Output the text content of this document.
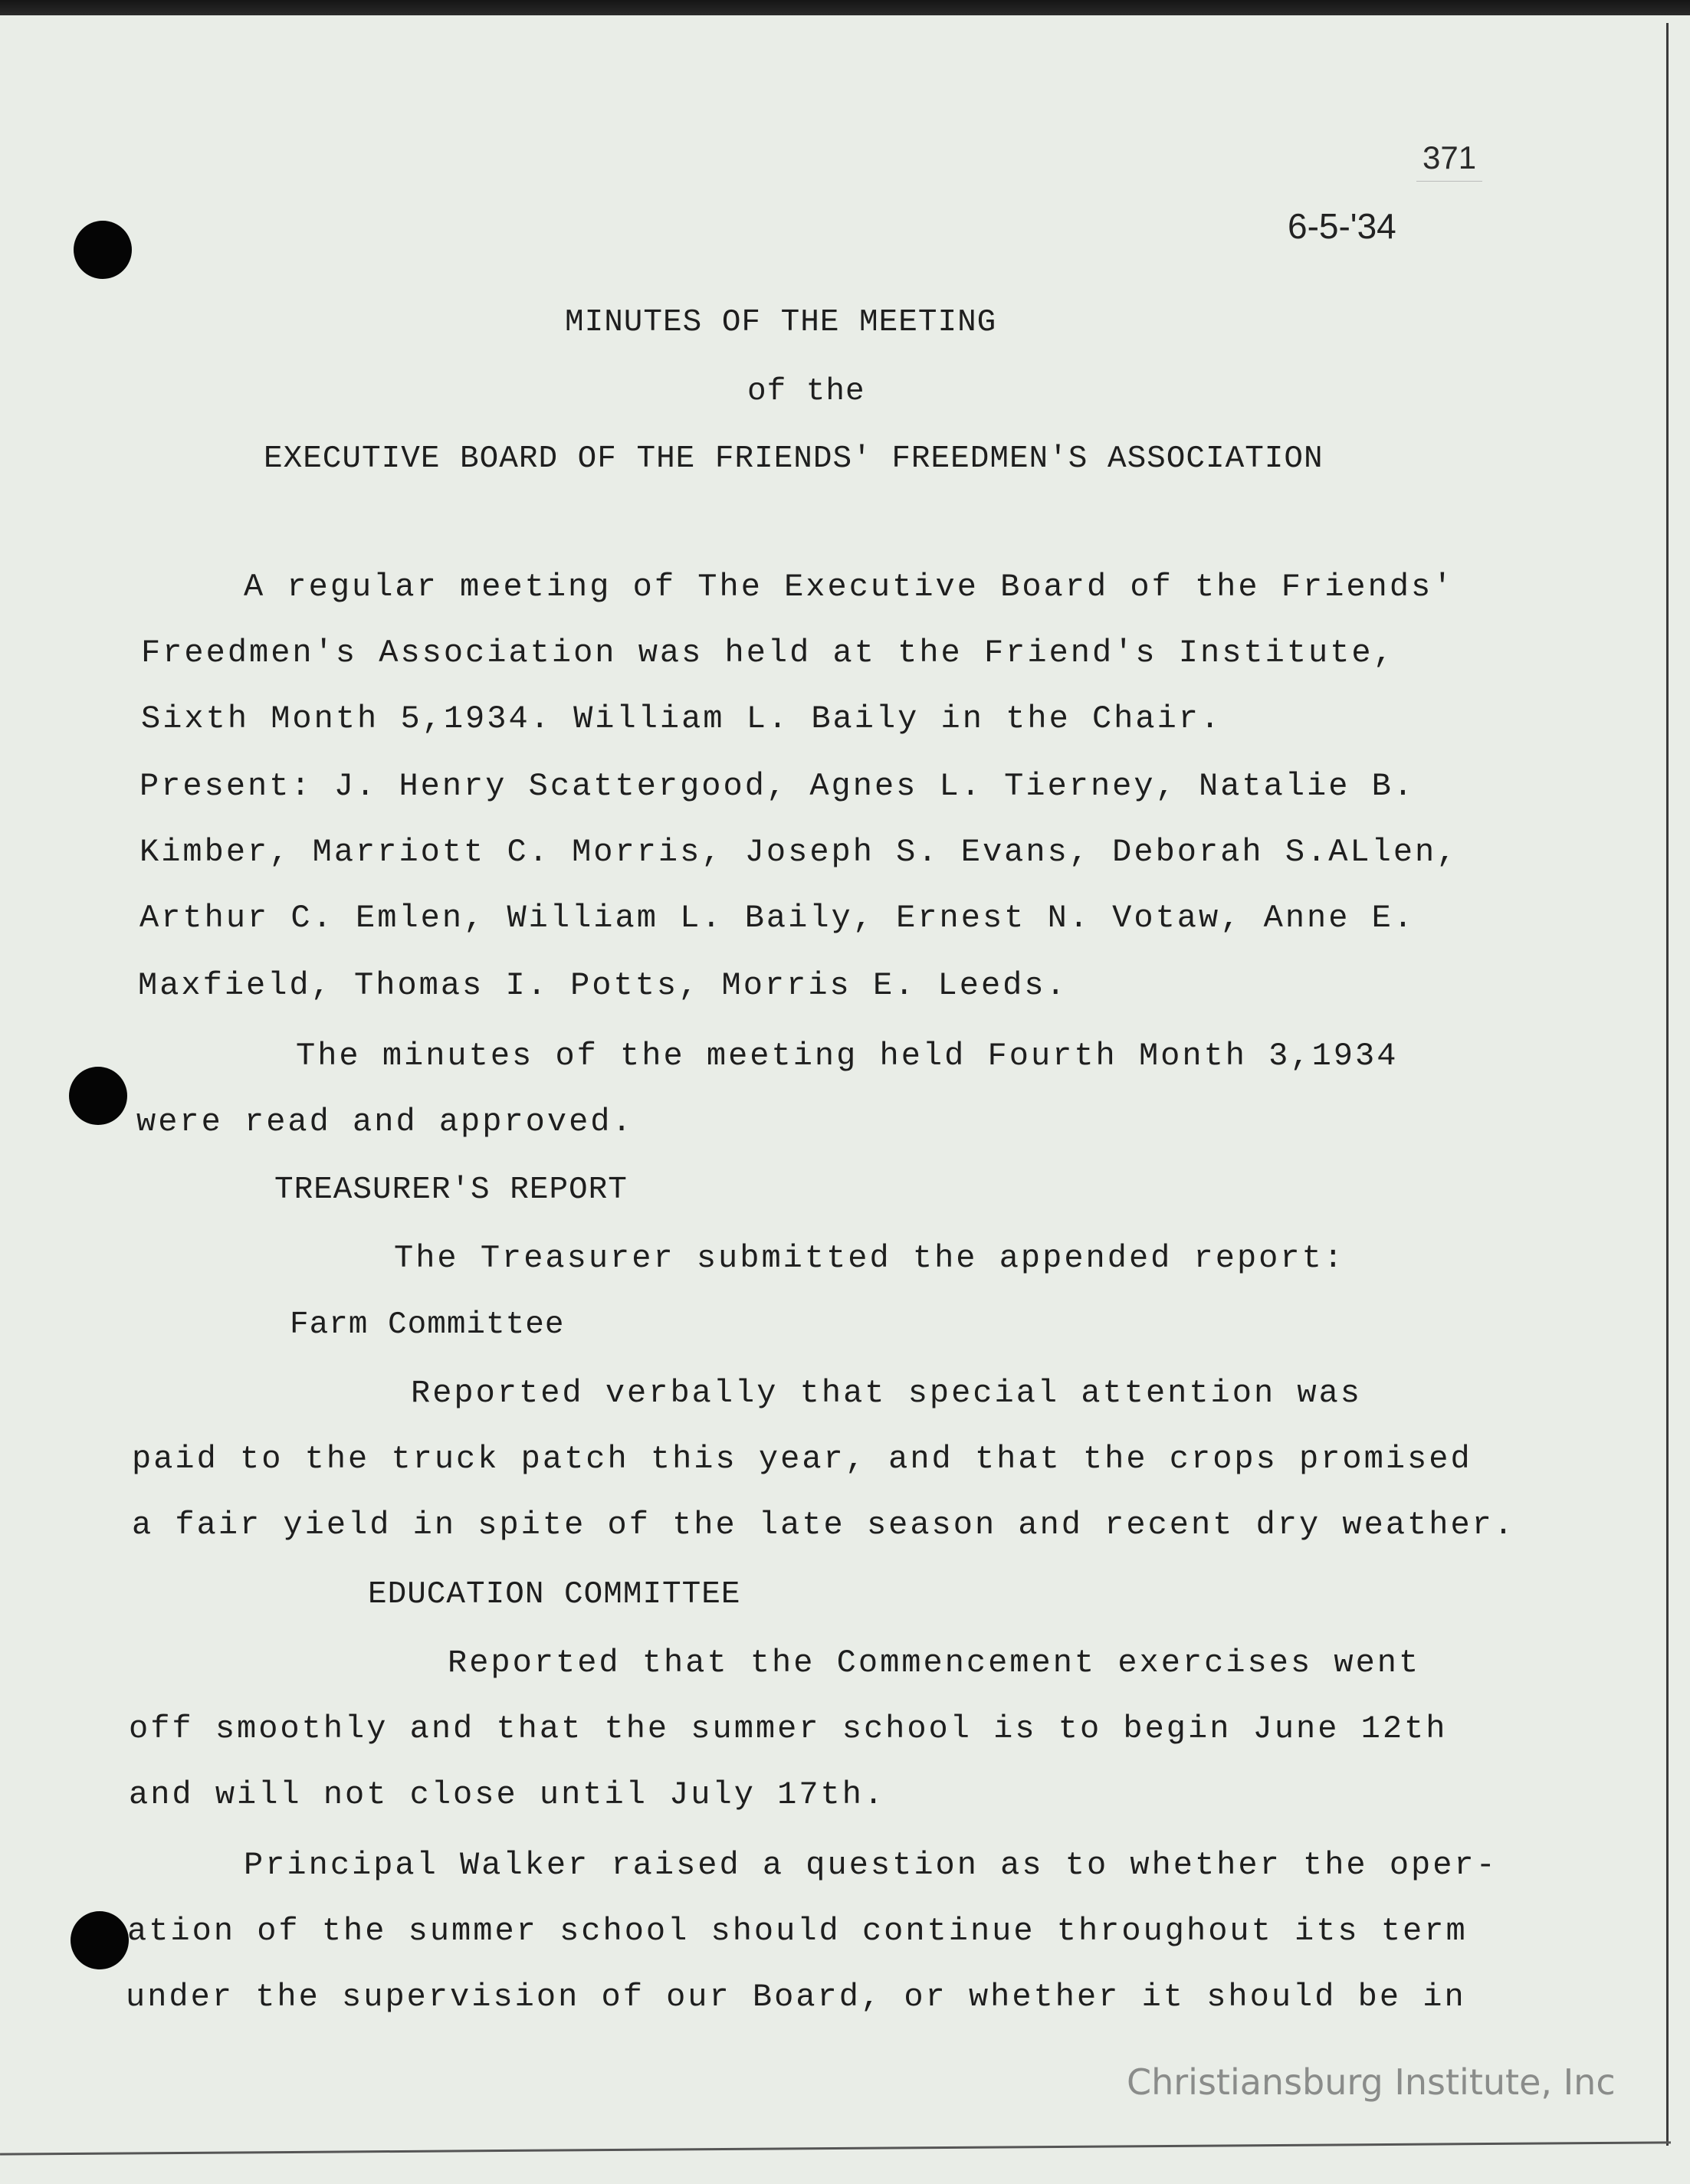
371
6-5-'34
MINUTES OF THE MEETING
of the
EXECUTIVE BOARD OF THE FRIENDS' FREEDMEN'S ASSOCIATION
A regular meeting of The Executive Board of the Friends'
Freedmen's Association was held at the Friend's Institute,
Sixth Month 5,1934. William L. Baily in the Chair.
Present: J. Henry Scattergood, Agnes L. Tierney, Natalie B.
Kimber, Marriott C. Morris, Joseph S. Evans, Deborah S.ALlen,
Arthur C. Emlen, William L. Baily, Ernest N. Votaw, Anne E.
Maxfield, Thomas I. Potts, Morris E. Leeds.
The minutes of the meeting held Fourth Month 3,1934
were read and approved.
TREASURER'S REPORT
The Treasurer submitted the appended report:
Farm Committee
Reported verbally that special attention was
paid to the truck patch this year, and that the crops promised
a fair yield in spite of the late season and recent dry weather.
EDUCATION COMMITTEE
Reported that the Commencement exercises went
off smoothly and that the summer school is to begin June 12th
and will not close until July 17th.
Principal Walker raised a question as to whether the oper-
ation of the summer school should continue throughout its term
under the supervision of our Board, or whether it should be in
Christiansburg Institute, Inc
